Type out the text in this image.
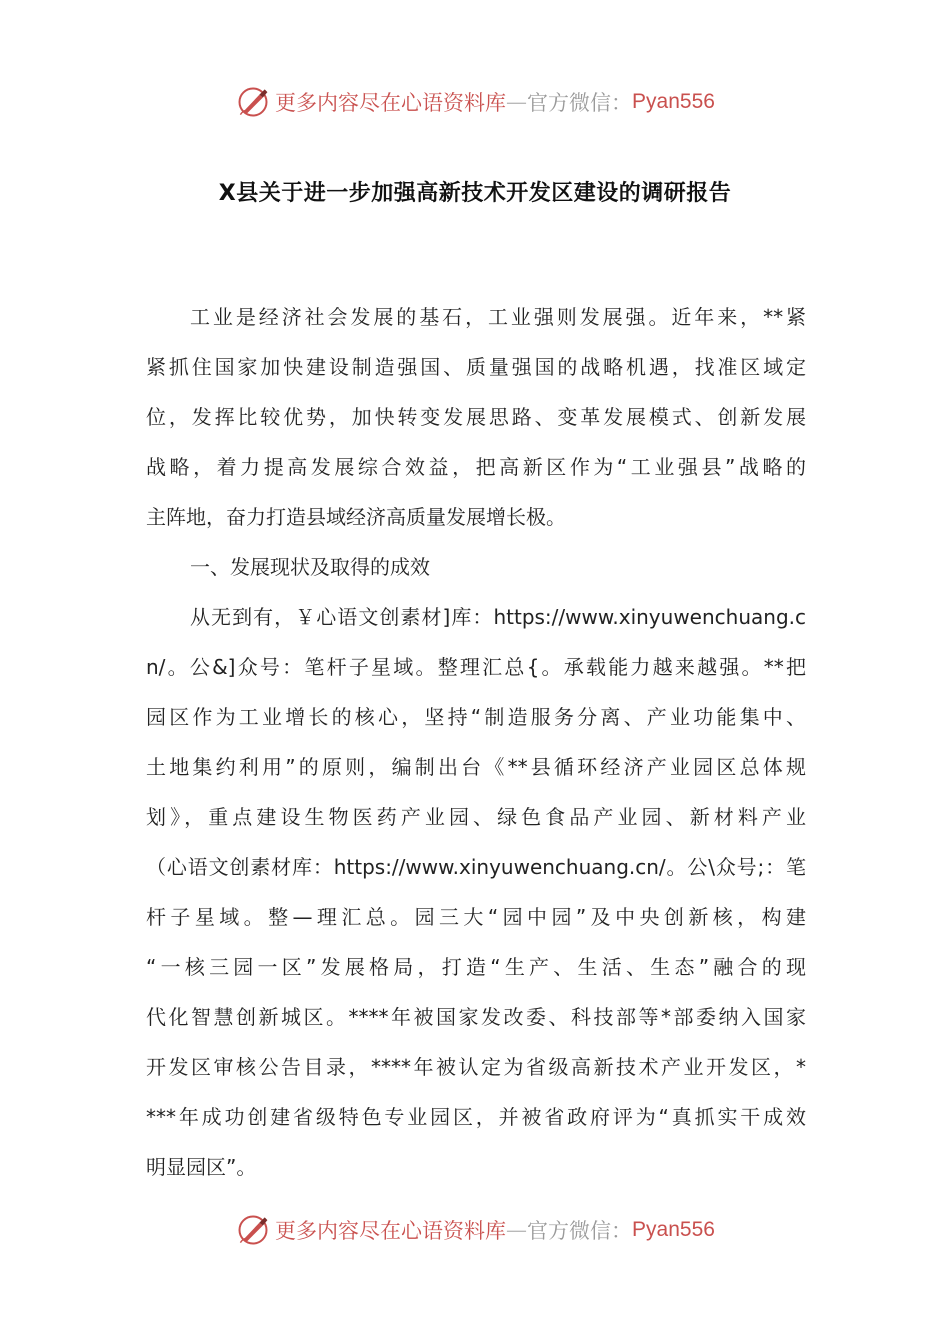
更多内容尽在心语资料库 — 官方微信： Pyan556
X县关于进一步加强高新技术开发区建设的调研报告
工业是经济社会发展的基石，工业强则发展强。近年来，**紧
紧抓住国家加快建设制造强国、质量强国的战略机遇，找准区域定
位，发挥比较优势，加快转变发展思路、变革发展模式、创新发展
战略，着力提高发展综合效益，把高新区作为“工业强县”战略的
主阵地，奋力打造县域经济高质量发展增长极。
一、发展现状及取得的成效
从无到有，￥心语文创素材]库：https://www.xinyuwenchuang.c
n/。公&]众号：笔杆子星域。整理汇总{。承载能力越来越强。**把
园区作为工业增长的核心，坚持“制造服务分离、产业功能集中、
土地集约利用”的原则，编制出台《**县循环经济产业园区总体规
划》，重点建设生物医药产业园、绿色食品产业园、新材料产业
（心语文创素材库：https://www.xinyuwenchuang.cn/。公\众号;：笔
杆子星域。整—理汇总。园三大“园中园”及中央创新核，构建
“一核三园一区”发展格局，打造“生产、生活、生态”融合的现
代化智慧创新城区。****年被国家发改委、科技部等*部委纳入国家
开发区审核公告目录，****年被认定为省级高新技术产业开发区，*
***年成功创建省级特色专业园区，并被省政府评为“真抓实干成效
明显园区”。
更多内容尽在心语资料库 — 官方微信： Pyan556
